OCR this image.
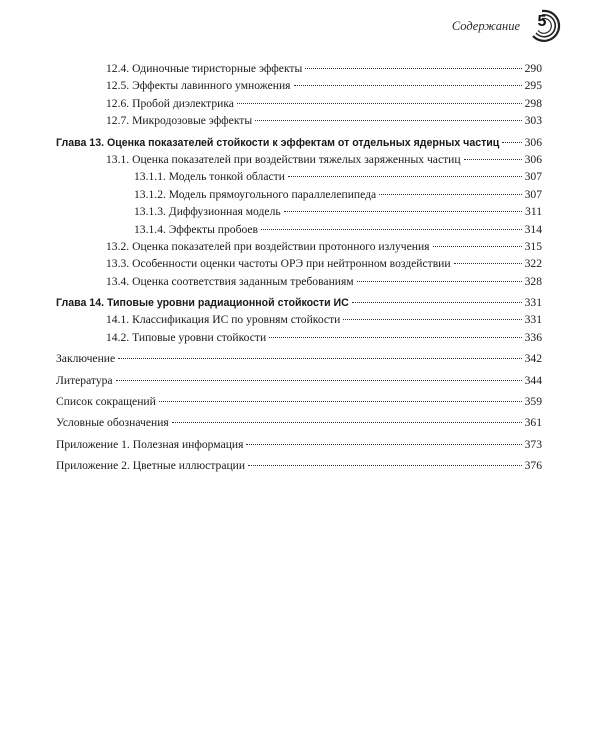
Содержание	5
12.4. Одиночные тиристорные эффекты	290
12.5. Эффекты лавинного умножения	295
12.6. Пробой диэлектрика	298
12.7. Микродозовые эффекты	303
Глава 13. Оценка показателей стойкости к эффектам от отдельных ядерных частиц 306
13.1. Оценка показателей при воздействии тяжелых заряженных частиц	306
13.1.1. Модель тонкой области	307
13.1.2. Модель прямоугольного параллелепипеда	307
13.1.3. Диффузионная модель	311
13.1.4. Эффекты пробоев	314
13.2. Оценка показателей при воздействии протонного излучения	315
13.3. Особенности оценки частоты ОРЭ при нейтронном воздействии	322
13.4. Оценка соответствия заданным требованиям	328
Глава 14. Типовые уровни радиационной стойкости ИС	331
14.1. Классификация ИС по уровням стойкости	331
14.2. Типовые уровни стойкости	336
Заключение	342
Литература	344
Список сокращений	359
Условные обозначения	361
Приложение 1. Полезная информация	373
Приложение 2. Цветные иллюстрации	376
